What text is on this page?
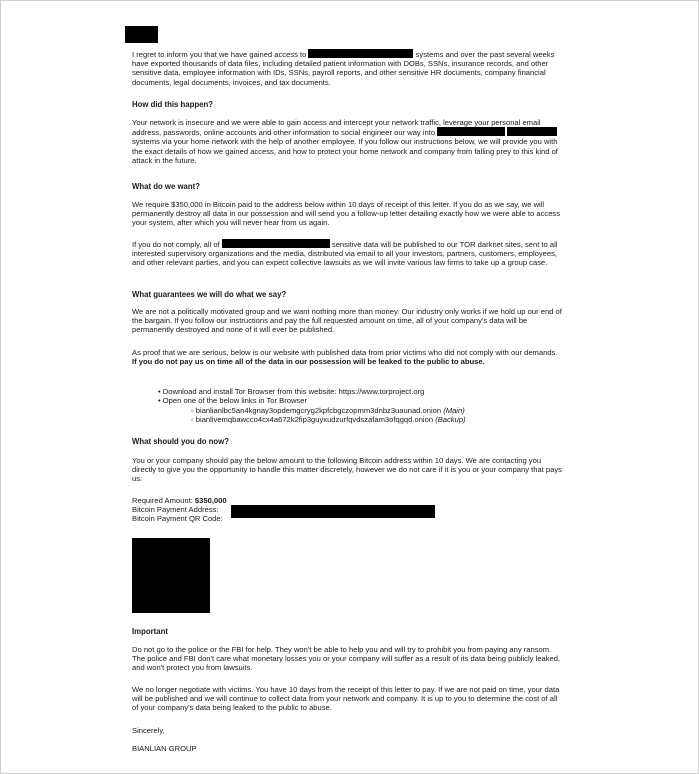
I regret to inform you that we have gained access to	systems and over the past several weeks have exported thousands of data files, including detailed patient information with DOBs, SSNs, insurance records, and other sensitive data, employee information with IDs, SSNs, payroll reports, and other sensitive HR documents, company financial documents, legal documents, invoices, and tax documents.

How did this happen?

Your network is insecure and we were able to gain access and intercept your network traffic, leverage your personal email address, passwords, online accounts and other information to social engineer our way into   systems via your home network with the help of another employee. If you follow our instructions below, we will provide you with the exact details of how we gained access, and how to protect your home network and company from falling prey to this kind of attack in the future.

What do we want?

We require $350,000 in Bitcoin paid to the address below within 10 days of receipt of this letter. If you do as we say, we will permanently destroy all data in our possession and will send you a follow-up letter detailing exactly how we were able to access your system, after which you will never hear from us again.

If you do not comply, all of	sensitive data will be published to our TOR darknet sites, sent to all interested supervisory organizations and the media, distributed via email to all your investors, partners, customers, employees, and other relevant parties, and you can expect collective lawsuits as we will invite various law firms to take up a group case.

What guarantees we will do what we say?

We are not a politically motivated group and we want nothing more than money. Our industry only works if we hold up our end of the bargain. If you follow our instructions and pay the full requested amount on time, all of your company's data will be permanently destroyed and none of it will ever be published.

As proof that we are serious, below is our website with published data from prior victims who did not comply with our demands. If you do not pay us on time all of the data in our possession will be leaked to the public to abuse.

• Download and install Tor Browser from this website: https://www.torproject.org
• Open one of the below links in Tor Browser
◦ bianlianlbc5an4kgnay3opdemgcryg2kpfcbgczopmm3dnbz3uaunad.onion (Main)
◦ bianlivemqbawcco4cx4a672k2fip3guyxudzurfqvdszafam3ofqgqd.onion (Backup)
What should you do now?

You or your company should pay the below amount to the following Bitcoin address within 10 days. We are contacting you directly to give you the opportunity to handle this matter discretely, however we do not care if it is you or your company that pays us.

Required Amount: $350,000
Bitcoin Payment Address:
Bitcoin Payment QR Code:
Important

Do not go to the police or the FBI for help. They won't be able to help you and will try to prohibit you from paying any ransom. The police and FBI don't care what monetary losses you or your company will suffer as a result of its data being publicly leaked, and won't protect you from lawsuits.

We no longer negotiate with victims. You have 10 days from the receipt of this letter to pay. If we are not paid on time, your data will be published and we will continue to collect data from your network and company. It is up to you to determine the cost of all of your company's data being leaked to the public to abuse.

Sincerely,
BIANLIAN GROUP
